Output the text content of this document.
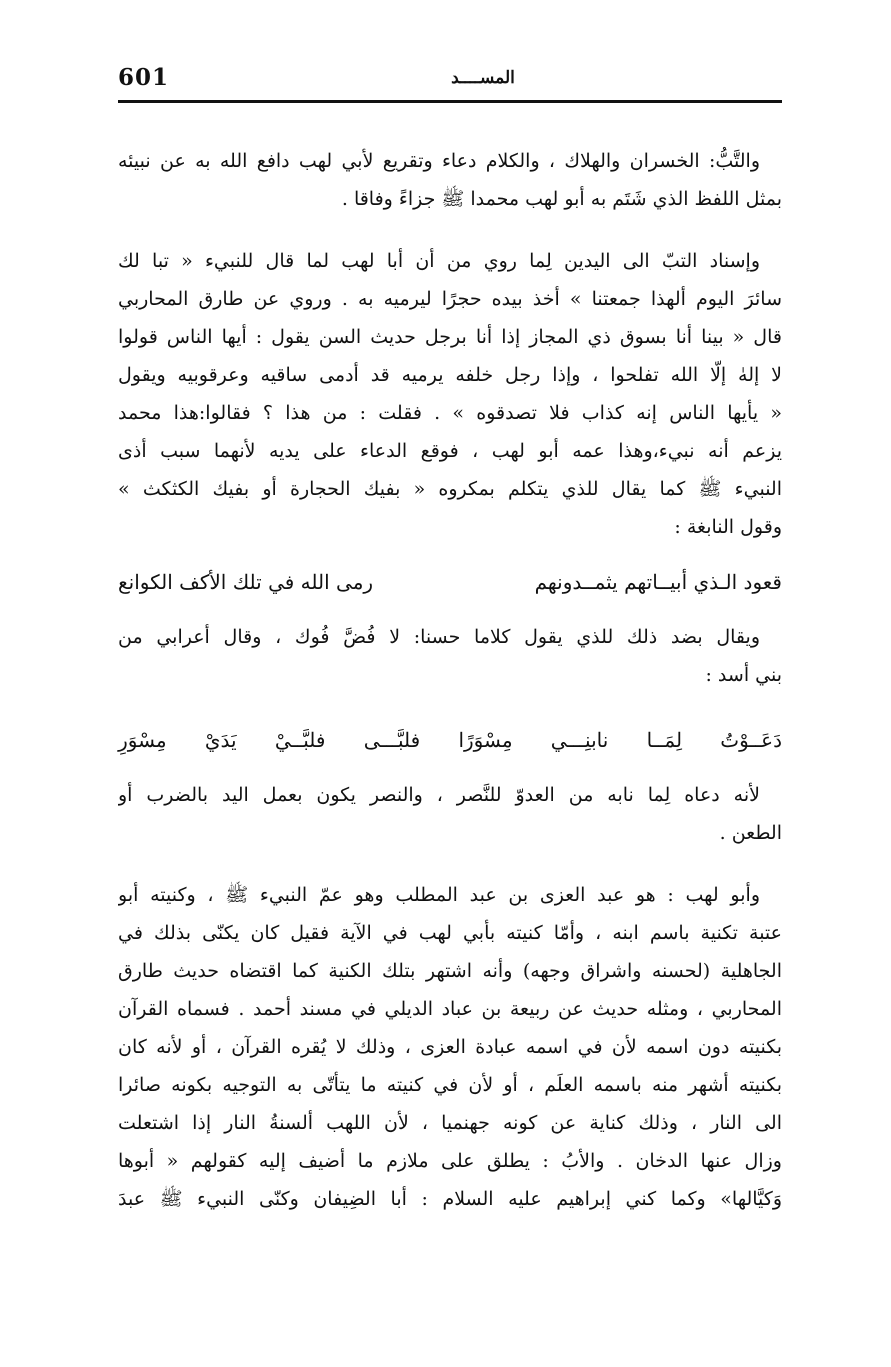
601	المســــد
والتَّبُّ: الخسران والهلاك ، والكلام دعاء وتقريع لأبي لهب دافع الله به عن نبيئه
بمثل اللفظ الذي شَتَم به أبو لهب محمدا ﷺ جزاءً وفاقا .
وإسناد التبّ الى اليدين لِما روي من أن أبا لهب لما قال للنبيء « تبا لك
سائرَ اليوم ألهذا جمعتنا » أخذ بيده حجرًا ليرميه به . وروي عن طارق المحاربي
قال « بينا أنا بسوق ذي المجاز إذا أنا برجل حديث السن يقول : أيها الناس قولوا
لا إلهٰ إلّا الله تفلحوا ، وإذا رجل خلفه يرميه قد أدمى ساقيه وعرقوبيه ويقول
« يأيها الناس إنه كذاب فلا تصدقوه » . فقلت : من هذا ؟ فقالوا:هذا محمد
يزعم أنه نبيء،وهذا عمه أبو لهب ، فوقع الدعاء على يديه لأنهما سبب أذى
النبيء ﷺ كما يقال للذي يتكلم بمكروه « بفيك الحجارة أو بفيك الكثكث »
وقول النابغة :
قعود الـذي أبيــاتهم يثمــدونهم
رمى الله في تلك الأكف الكوانع
ويقال بضد ذلك للذي يقول كلاما حسنا: لا فُضَّ فُوك ، وقال أعرابي من
بني أسد :
دَعَــوْتُ
لِمَــا
نابنِـــي
مِسْوَرًا
فلبَّـــى
فلبَّــيْ
يَدَيْ
مِسْوَرِ
لأنه دعاه لِما نابه من العدوّ للنَّصر ، والنصر يكون بعمل اليد بالضرب أو
الطعن .
وأبو لهب : هو عبد العزى بن عبد المطلب وهو عمّ النبيء ﷺ ، وكنيته أبو
عتبة تكنية باسم ابنه ، وأمّا كنيته بأبي لهب في الآية فقيل كان يكنّى بذلك في
الجاهلية (لحسنه واشراق وجهه) وأنه اشتهر بتلك الكنية كما اقتضاه حديث طارق
المحاربي ، ومثله حديث عن ربيعة بن عباد الديلي في مسند أحمد . فسماه القرآن
بكنيته دون اسمه لأن في اسمه عبادة العزى ، وذلك لا يُقره القرآن ، أو لأنه كان
بكنيته أشهر منه باسمه العلَم ، أو لأن في كنيته ما يتأتّى به التوجيه بكونه صائرا
الى النار ، وذلك كناية عن كونه جهنميا ، لأن اللهب ألسنةُ النار إذا اشتعلت
وزال عنها الدخان . والأبُ : يطلق على ملازم ما أضيف إليه كقولهم « أبوها
وَكيَّالها» وكما كني إبراهيم عليه السلام : أبا الضِيفان وكنّى النبيء ﷺ عبدَ
